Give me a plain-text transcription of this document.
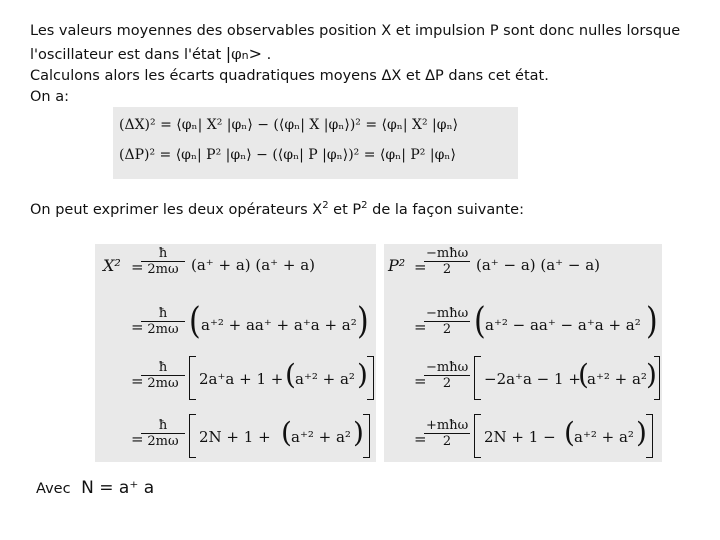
Les valeurs moyennes des observables position X et impulsion P sont donc nulles lorsque
l'oscillateur est dans l'état |φn> .
Calculons alors les écarts quadratiques moyens ΔX et ΔP dans cet état.
On a:
(ΔX)² = ⟨φₙ| X² |φₙ⟩ − (⟨φₙ| X |φₙ⟩)² = ⟨φₙ| X² |φₙ⟩
(ΔP)² = ⟨φₙ| P² |φₙ⟩ − (⟨φₙ| P |φₙ⟩)² = ⟨φₙ| P² |φₙ⟩
On peut exprimer les deux opérateurs $X^2$ et $P^2$ de la façon suivante:
X² =
$\frac{ħ}{2m\omega} (a^+ + a) (a^+ + a)$
=
$\frac{ħ}{2m\omega}$ ( a⁺² + aa⁺ + a⁺a + a² )
=
$\frac{ħ}{2m\omega} 2a^+a + 1$ + ( a⁺² + a² )
=
$\frac{ħ}{2m\omega} 2N + 1$ + ( a⁺² + a² )
P² =
−mħω
2	(a⁺ − a) (a⁺ − a)
=
−mħω
2 ( a⁺² − aa⁺ − a⁺a + a² )
=
−mħω
2	−2a⁺a − 1 +
(
a⁺² + a² )
=
+mħω
2	2N + 1 − ( a⁺² + a² )
Avec N = a⁺ a
